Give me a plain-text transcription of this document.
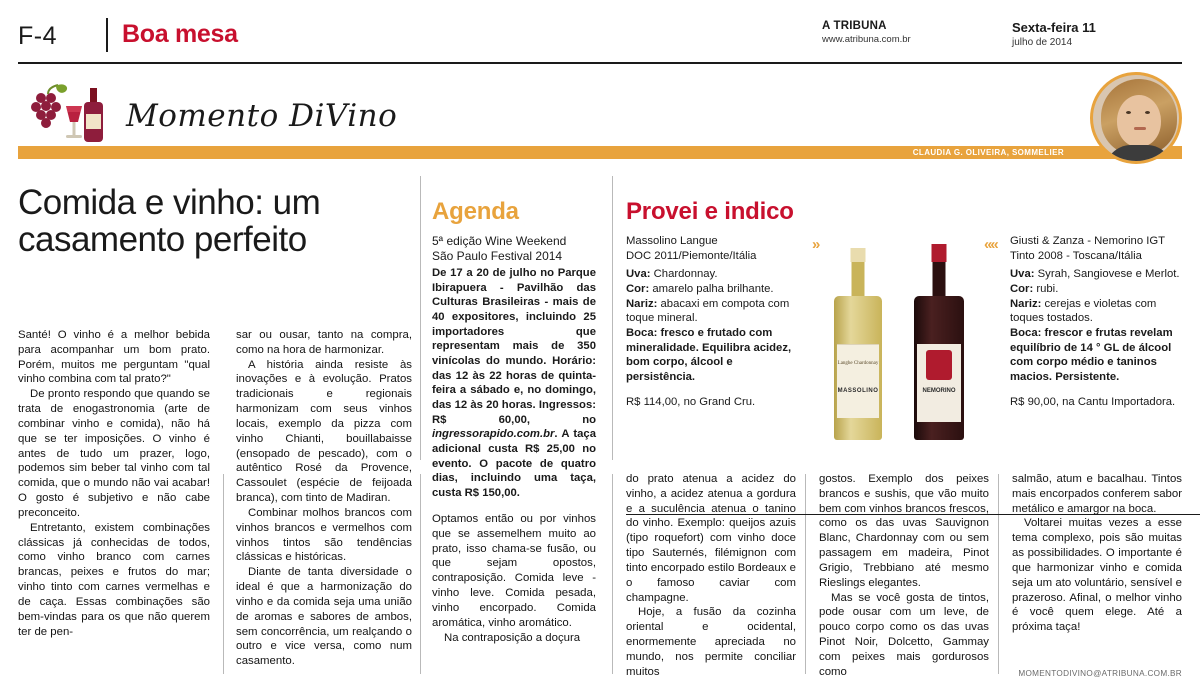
F-4	Boa mesa	A TRIBUNA
www.atribuna.com.br
Sexta-feira 11
julho de 2014
Momento DiVino
CLAUDIA G. OLIVEIRA, SOMMELIER
Comida e vinho: um
casamento perfeito

Santé! O vinho é a melhor bebida para acompanhar um bom prato. Porém, muitos me perguntam "qual vinho combina com tal prato?"

De pronto respondo que quando se trata de enogastronomia (arte de combinar vinho e comida), não há que se ter imposições. O vinho é antes de tudo um prazer, logo, podemos sim beber tal vinho com tal comida, que o mundo não vai acabar! O gosto é subjetivo e não cabe preconceito.

Entretanto, existem combinações clássicas já conhecidas de todos, como vinho branco com carnes brancas, peixes e frutos do mar; vinho tinto com carnes vermelhas e de caça. Essas combinações são bem-vindas para os que não querem ter de pen-

sar ou ousar, tanto na compra, como na hora de harmonizar.

A história ainda resiste às inovações e à evolução. Pratos tradicionais e regionais harmonizam com seus vinhos locais, exemplo da pizza com vinho Chianti, bouillabaisse (ensopado de pescado), com o autêntico Rosé da Provence, Cassoulet (espécie de feijoada branca), com tinto de Madiran.

Combinar molhos brancos com vinhos brancos e vermelhos com vinhos tintos são tendências clássicas e históricas.

Diante de tanta diversidade o ideal é que a harmonização do vinho e da comida seja uma união de aromas e sabores de ambos, sem concorrência, um realçando o outro e vice versa, como num casamento.

Agenda
5ª edição Wine Weekend
São Paulo Festival 2014
De 17 a 20 de julho no Parque Ibirapuera - Pavilhão das Culturas Brasileiras - mais de 40 expositores, incluindo 25 importadores que representam mais de 350 vinícolas do mundo. Horário: das 12 às 22 horas de quinta-feira a sábado e, no domingo, das 12 às 20 horas. Ingressos: R$ 60,00, no ingressorapido.com.br. A taça adicional custa R$ 25,00 no evento. O pacote de quatro dias, incluindo uma taça, custa R$ 150,00.

Optamos então ou por vinhos que se assemelhem muito ao prato, isso chama-se fusão, ou que sejam opostos, contraposição. Comida leve - vinho leve. Comida pesada, vinho encorpado. Comida aromática, vinho aromático.

Na contraposição a doçura

Provei e indico
Massolino Langue
DOC 2011/Piemonte/Itália
Uva: Chardonnay.
Cor: amarelo palha brilhante.
Nariz: abacaxi em compota com toque mineral.
Boca: fresco e frutado com mineralidade. Equilibra acidez, bom corpo, álcool e persistência.
R$ 114,00, no Grand Cru.
»	««
Langhe Chardonnay
MASSOLINO	NEMORINO
Giusti & Zanza - Nemorino IGT
Tinto 2008 - Toscana/Itália
Uva: Syrah, Sangiovese e Merlot.
Cor: rubi.
Nariz: cerejas e violetas com toques tostados.
Boca: frescor e frutas revelam equilíbrio de 14 ° GL de álcool com corpo médio e taninos macios. Persistente.
R$ 90,00, na Cantu Importadora.

do prato atenua a acidez do vinho, a acidez atenua a gordura e a suculência atenua o tanino do vinho. Exemplo: queijos azuis (tipo roquefort) com vinho doce tipo Sauternés, filémignon com tinto encorpado estilo Bordeaux e o famoso caviar com champagne.

Hoje, a fusão da cozinha oriental e ocidental, enormemente apreciada no mundo, nos permite conciliar muitos

gostos. Exemplo dos peixes brancos e sushis, que vão muito bem com vinhos brancos frescos, como os das uvas Sauvignon Blanc, Chardonnay com ou sem passagem em madeira, Pinot Grigio, Trebbiano até mesmo Rieslings elegantes.

Mas se você gosta de tintos, pode ousar com um leve, de pouco corpo como os das uvas Pinot Noir, Dolcetto, Gammay com peixes mais gordurosos como

salmão, atum e bacalhau. Tintos mais encorpados conferem sabor metálico e amargor na boca.

Voltarei muitas vezes a esse tema complexo, pois são muitas as possibilidades. O importante é que harmonizar vinho e comida seja um ato voluntário, sensível e prazeroso. Afinal, o melhor vinho é você quem elege. Até a próxima taça!

MOMENTODIVINO@ATRIBUNA.COM.BR
